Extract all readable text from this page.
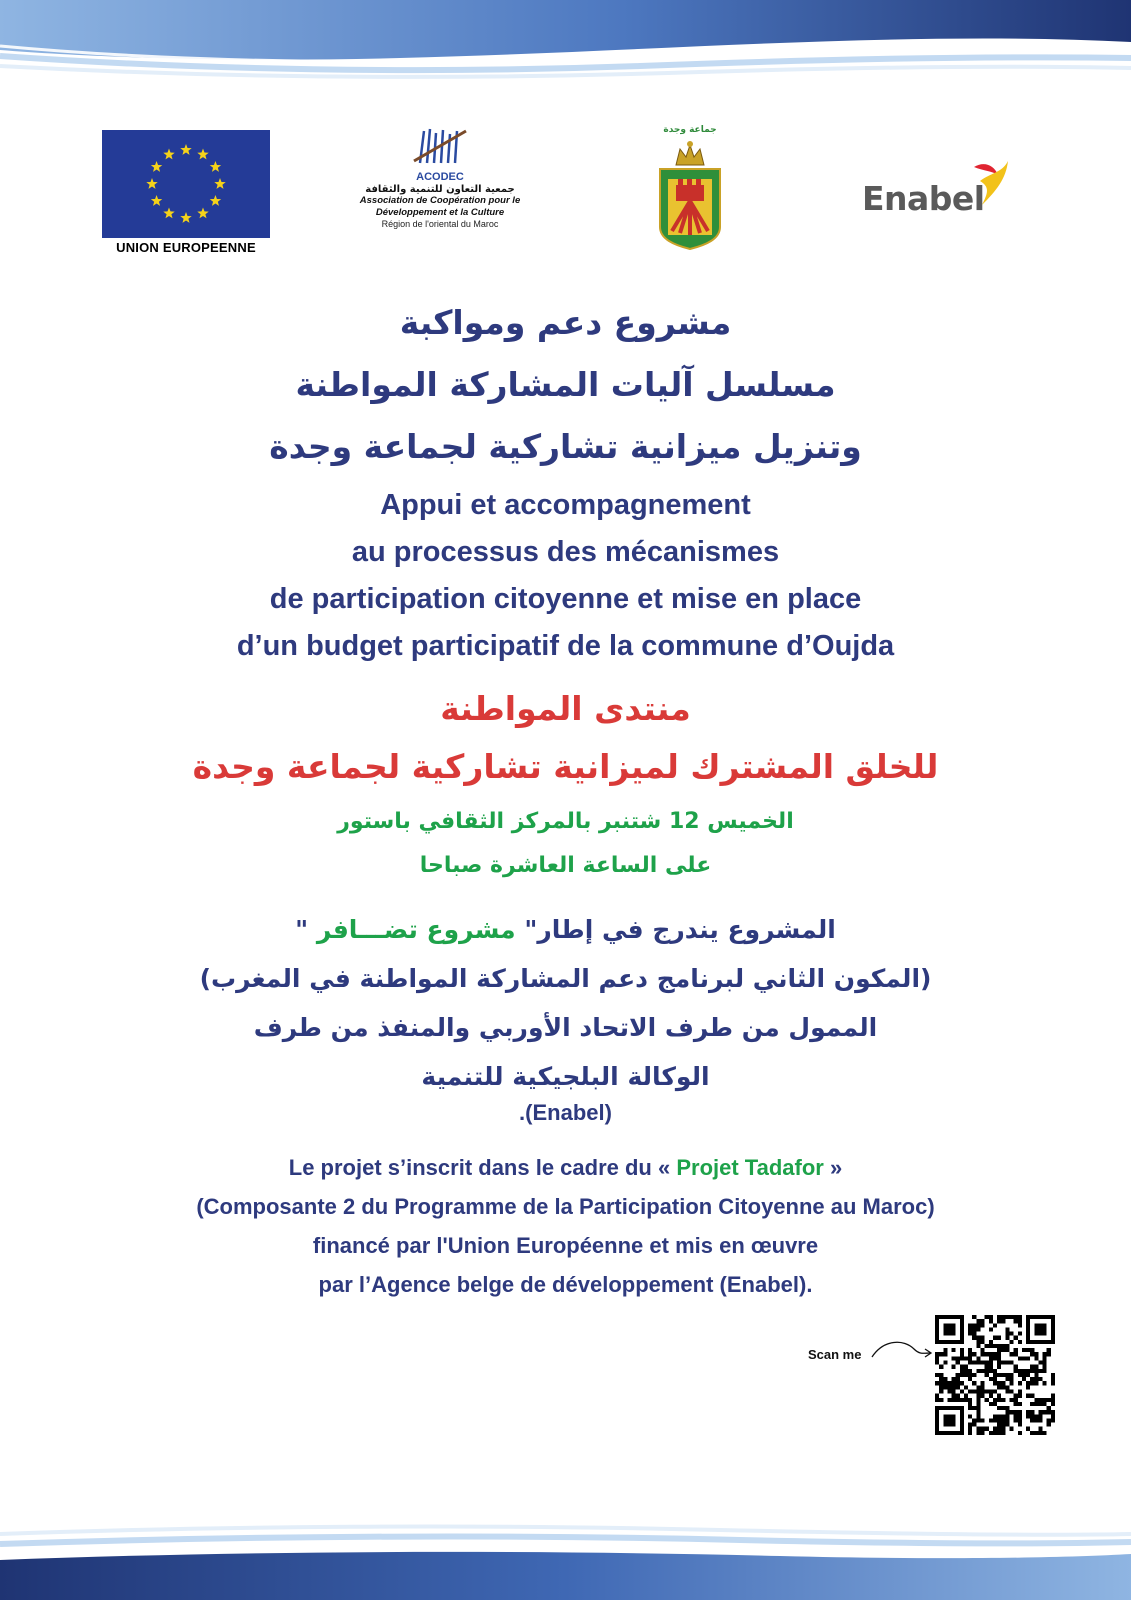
UNION EUROPEENNE
ACODEC
جمعية التعاون للتنمية والثقافة
Association de Coopération pour le
Développement et la Culture
Région de l'oriental du Maroc
جماعة وجدة
Enabel
مشروع دعم ومواكبة
مسلسل آليات المشاركة المواطنة
وتنزيل ميزانية تشاركية لجماعة وجدة
Appui et accompagnement
au processus des mécanismes
de participation citoyenne et mise en place
d’un budget participatif de la commune d’Oujda
منتدى المواطنة
للخلق المشترك لميزانية تشاركية لجماعة وجدة
الخميس 12 شتنبر بالمركز الثقافي باستور
على الساعة العاشرة صباحا
المشروع يندرج في إطار" مشروع تضـــافر "
(المكون الثاني لبرنامج دعم المشاركة المواطنة في المغرب)
الممول من طرف الاتحاد الأوربي والمنفذ من طرف
الوكالة البلجيكية للتنمية
.(Enabel)
Le projet s’inscrit dans le cadre du « Projet Tadafor »
(Composante 2 du Programme de la Participation Citoyenne au Maroc)
financé par l'Union Européenne et mis en œuvre
par l’Agence belge de développement (Enabel).
Scan me
